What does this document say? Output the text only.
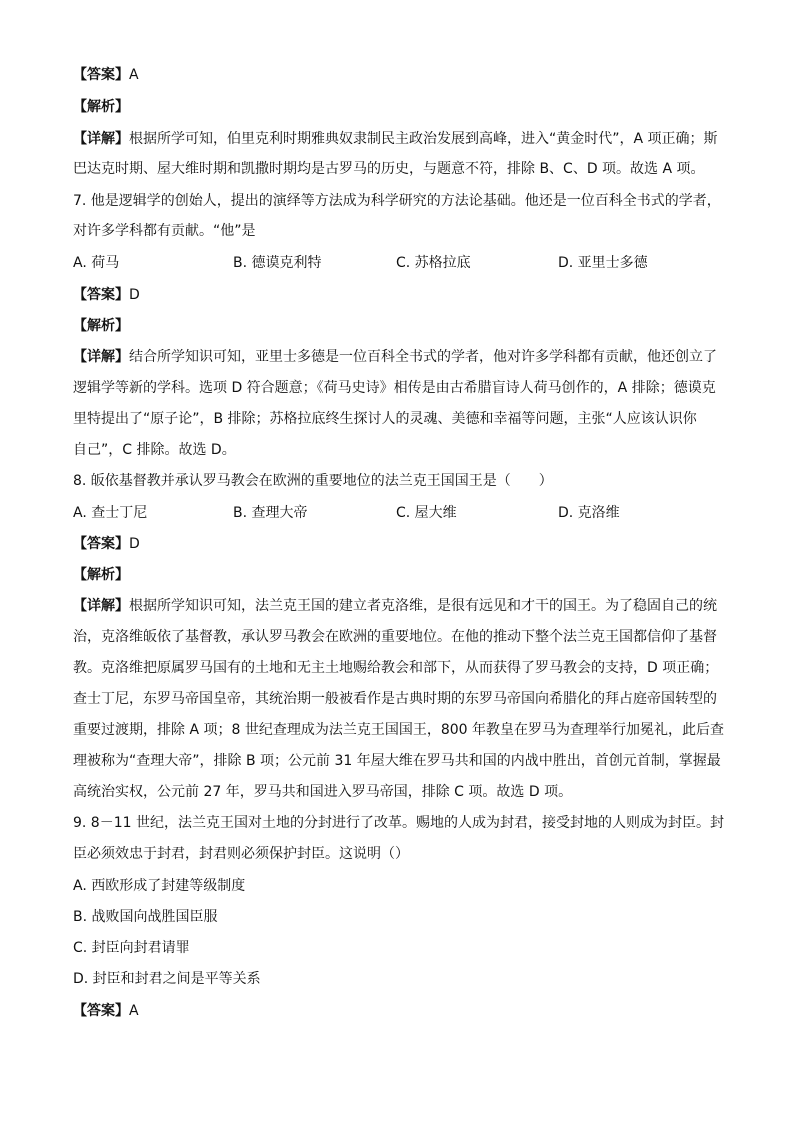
【答案】A
【解析】
【详解】根据所学可知，伯里克利时期雅典奴隶制民主政治发展到高峰，进入“黄金时代”，A 项正确；斯
巴达克时期、屋大维时期和凯撒时期均是古罗马的历史，与题意不符，排除 B、C、D 项。故选 A 项。
7. 他是逻辑学的创始人，提出的演绎等方法成为科学研究的方法论基础。他还是一位百科全书式的学者，
对许多学科都有贡献。“他”是
A. 荷马	B. 德谟克利特	C. 苏格拉底	D. 亚里士多德
【答案】D
【解析】
【详解】结合所学知识可知，亚里士多德是一位百科全书式的学者，他对许多学科都有贡献，他还创立了
逻辑学等新的学科。选项 D 符合题意；《荷马史诗》相传是由古希腊盲诗人荷马创作的，A 排除；德谟克
里特提出了“原子论”，B 排除；苏格拉底终生探讨人的灵魂、美德和幸福等问题，主张“人应该认识你
自己”，C 排除。故选 D。
8. 皈依基督教并承认罗马教会在欧洲的重要地位的法兰克王国国王是（　　）
A. 查士丁尼	B. 查理大帝	C. 屋大维	D. 克洛维
【答案】D
【解析】
【详解】根据所学知识可知，法兰克王国的建立者克洛维，是很有远见和才干的国王。为了稳固自己的统
治，克洛维皈依了基督教，承认罗马教会在欧洲的重要地位。在他的推动下整个法兰克王国都信仰了基督
教。克洛维把原属罗马国有的土地和无主土地赐给教会和部下，从而获得了罗马教会的支持，D 项正确；
查士丁尼，东罗马帝国皇帝，其统治期一般被看作是古典时期的东罗马帝国向希腊化的拜占庭帝国转型的
重要过渡期，排除 A 项；8 世纪查理成为法兰克王国国王，800 年教皇在罗马为查理举行加冕礼，此后查
理被称为“查理大帝”，排除 B 项；公元前 31 年屋大维在罗马共和国的内战中胜出，首创元首制，掌握最
高统治实权，公元前 27 年，罗马共和国进入罗马帝国，排除 C 项。故选 D 项。
9. 8－11 世纪，法兰克王国对土地的分封进行了改革。赐地的人成为封君，接受封地的人则成为封臣。封
臣必须效忠于封君，封君则必须保护封臣。这说明（）
A. 西欧形成了封建等级制度
B. 战败国向战胜国臣服
C. 封臣向封君请罪
D. 封臣和封君之间是平等关系
【答案】A
